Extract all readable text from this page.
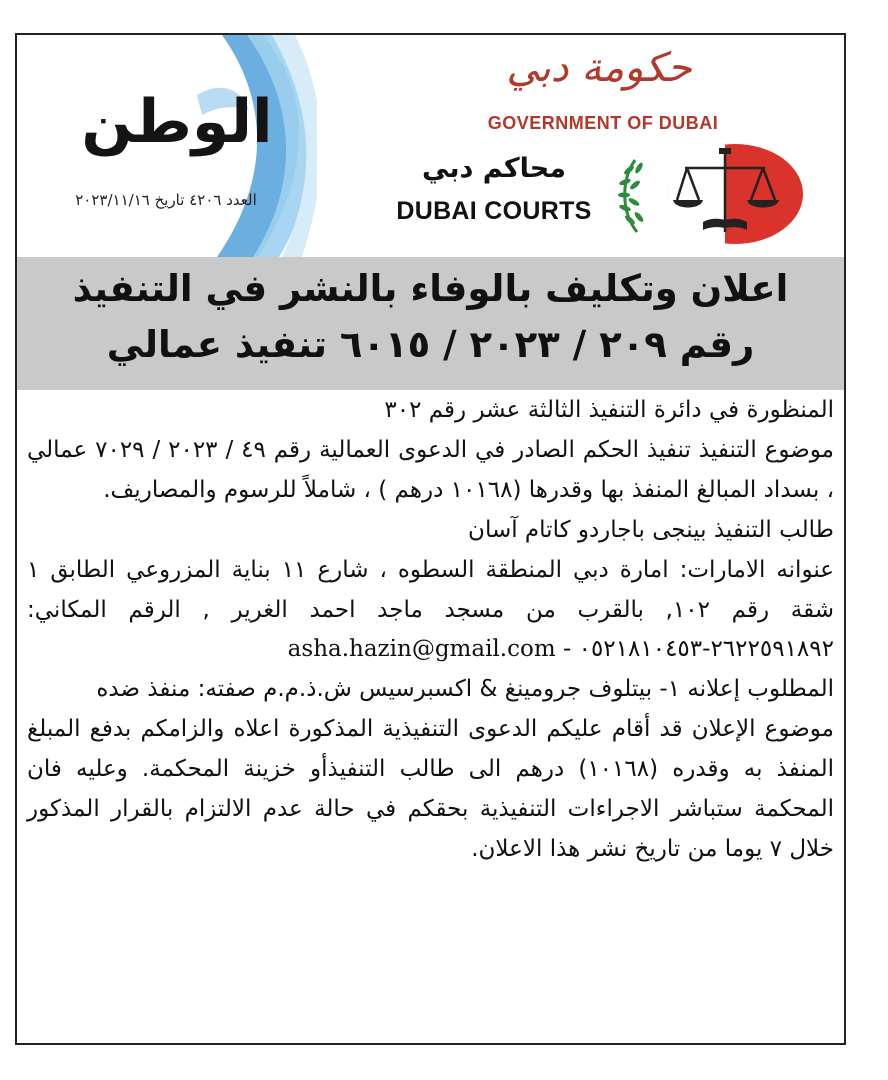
الوطن
العدد ٤٢٠٦ تاريخ ٢٠٢٣/١١/١٦
حكومة دبي
GOVERNMENT OF DUBAI
محاكم دبي
DUBAI COURTS
اعلان وتكليف بالوفاء بالنشر في التنفيذ
رقم ٢٠٩ / ٢٠٢٣ / ٦٠١٥ تنفيذ عمالي

المنظورة في دائرة التنفيذ الثالثة عشر رقم ٣٠٢

موضوع التنفيذ تنفيذ الحكم الصادر في الدعوى العمالية رقم ٤٩ / ٢٠٢٣ / ٧٠٢٩ عمالي ، بسداد المبالغ المنفذ بها وقدرها (١٠١٦٨ درهم ) ، شاملاً للرسوم والمصاريف.

طالب التنفيذ بينجى باجاردو كاتام آسان

عنوانه الامارات: امارة دبي المنطقة السطوه ، شارع ١١ بناية المزروعي الطابق ١ شقة رقم ١٠٢, بالقرب من مسجد ماجد احمد الغرير , الرقم المكاني: ٢٦٢٢٥٩١٨٩٢-٠٥٢١٨١٠٤٥٣ - asha.hazin@gmail.com

المطلوب إعلانه ١- بيتلوف جرومينغ & اكسبرسيس ش.ذ.م.م صفته: منفذ ضده

موضوع الإعلان قد أقام عليكم الدعوى التنفيذية المذكورة اعلاه والزامكم بدفع المبلغ المنفذ به وقدره (١٠١٦٨) درهم الى طالب التنفيذأو خزينة المحكمة. وعليه فان المحكمة ستباشر الاجراءات التنفيذية بحقكم في حالة عدم الالتزام بالقرار المذكور خلال ٧ يوما من تاريخ نشر هذا الاعلان.
